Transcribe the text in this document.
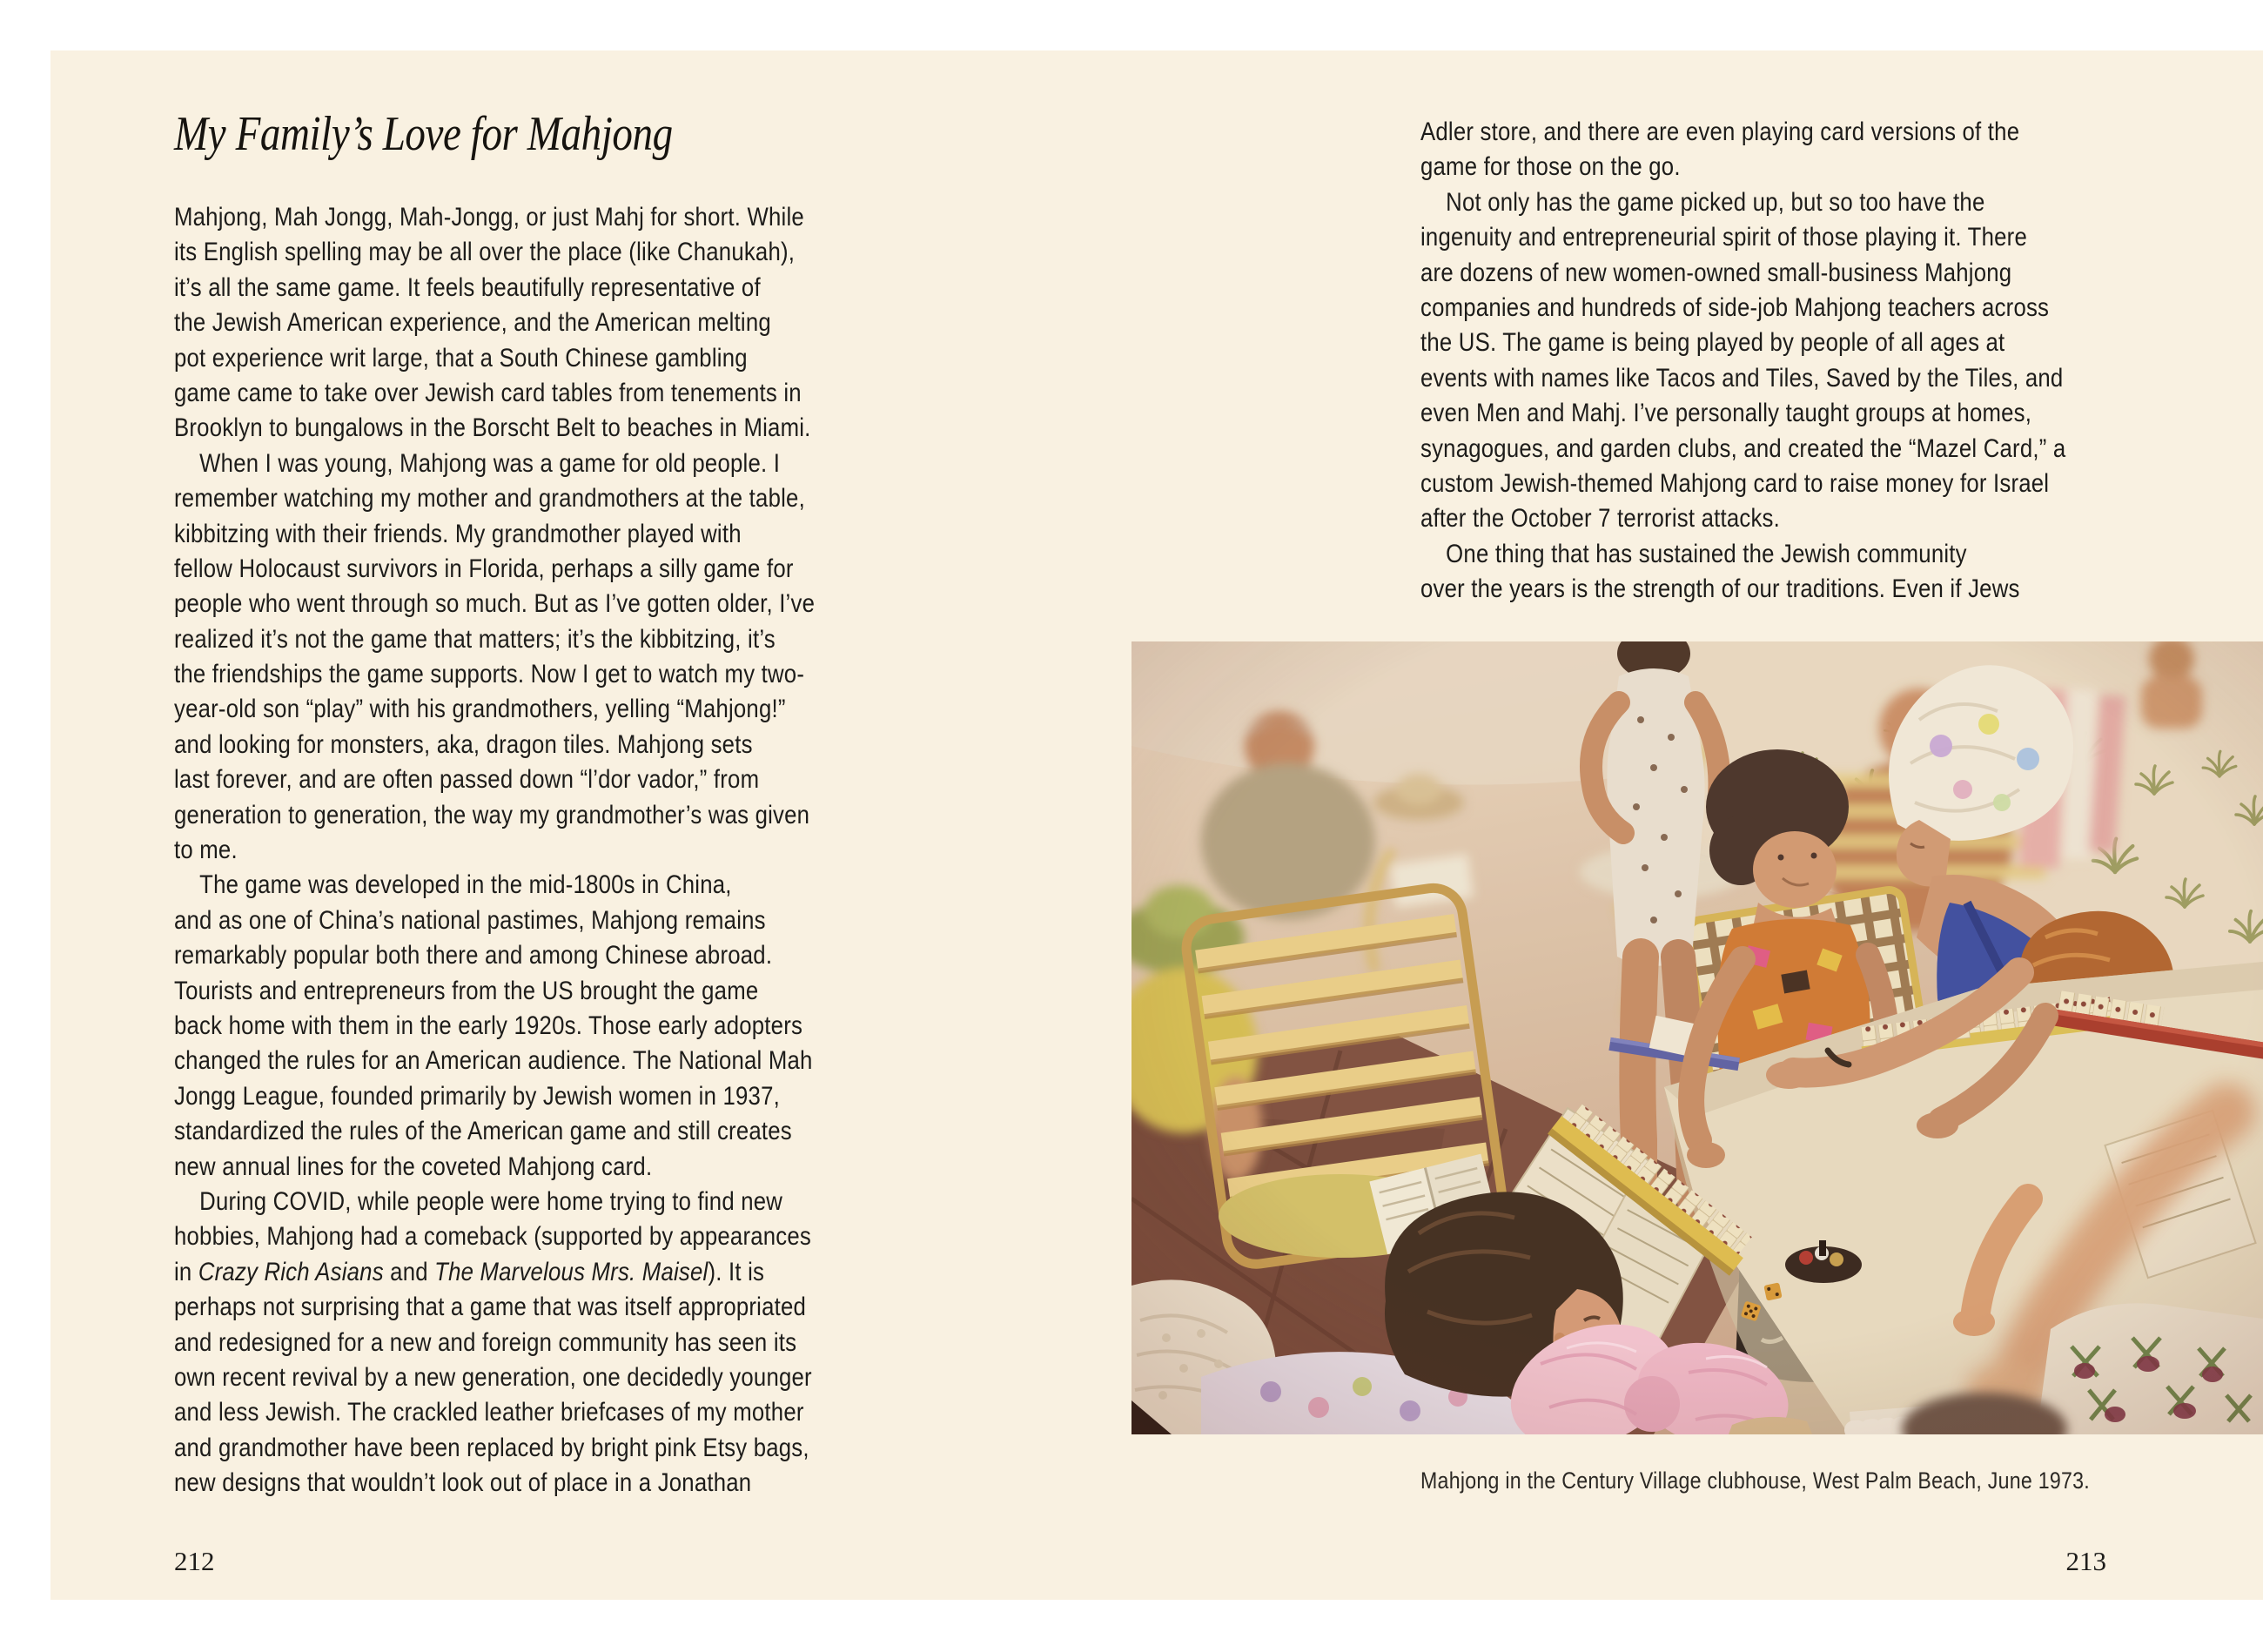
My Family’s Love for Mahjong
Mahjong, Mah Jongg, Mah-Jongg, or just Mahj for short. While
its English spelling may be all over the place (like Chanukah),
it’s all the same game. It feels beautifully representative of
the Jewish American experience, and the American melting
pot experience writ large, that a South Chinese gambling
game came to take over Jewish card tables from tenements in
Brooklyn to bungalows in the Borscht Belt to beaches in Miami.
When I was young, Mahjong was a game for old people. I
remember watching my mother and grandmothers at the table,
kibbitzing with their friends. My grandmother played with
fellow Holocaust survivors in Florida, perhaps a silly game for
people who went through so much. But as I’ve gotten older, I’ve
realized it’s not the game that matters; it’s the kibbitzing, it’s
the friendships the game supports. Now I get to watch my two-
year-old son “play” with his grandmothers, yelling “Mahjong!”
and looking for monsters, aka, dragon tiles. Mahjong sets
last forever, and are often passed down “l’dor vador,” from
generation to generation, the way my grandmother’s was given
to me.
The game was developed in the mid-1800s in China,
and as one of China’s national pastimes, Mahjong remains
remarkably popular both there and among Chinese abroad.
Tourists and entrepreneurs from the US brought the game
back home with them in the early 1920s. Those early adopters
changed the rules for an American audience. The National Mah
Jongg League, founded primarily by Jewish women in 1937,
standardized the rules of the American game and still creates
new annual lines for the coveted Mahjong card.
During COVID, while people were home trying to find new
hobbies, Mahjong had a comeback (supported by appearances
in Crazy Rich Asians and The Marvelous Mrs. Maisel). It is
perhaps not surprising that a game that was itself appropriated
and redesigned for a new and foreign community has seen its
own recent revival by a new generation, one decidedly younger
and less Jewish. The crackled leather briefcases of my mother
and grandmother have been replaced by bright pink Etsy bags,
new designs that wouldn’t look out of place in a Jonathan
212
Adler store, and there are even playing card versions of the
game for those on the go.
Not only has the game picked up, but so too have the
ingenuity and entrepreneurial spirit of those playing it. There
are dozens of new women-owned small-business Mahjong
companies and hundreds of side-job Mahjong teachers across
the US. The game is being played by people of all ages at
events with names like Tacos and Tiles, Saved by the Tiles, and
even Men and Mahj. I’ve personally taught groups at homes,
synagogues, and garden clubs, and created the “Mazel Card,” a
custom Jewish-themed Mahjong card to raise money for Israel
after the October 7 terrorist attacks.
One thing that has sustained the Jewish community
over the years is the strength of our traditions. Even if Jews
Mahjong in the Century Village clubhouse, West Palm Beach, June 1973.
213
